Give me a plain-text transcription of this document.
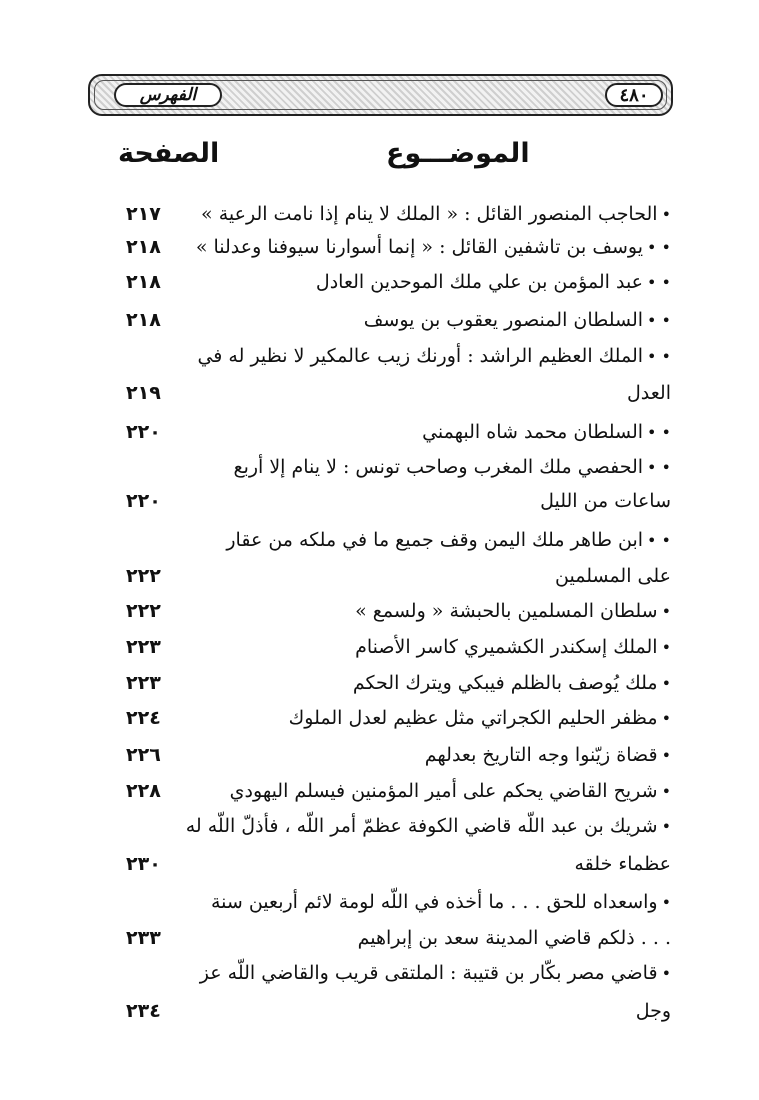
الفهرس	٤٨٠
الموضـــوع
الصفحة
•الحاجب المنصور القائل : « الملك لا ينام إذا نامت الرعية »
٢١٧
• •يوسف بن تاشفين القائل : « إنما أسوارنا سيوفنا وعدلنا »
٢١٨
• •عبد المؤمن بن علي ملك الموحدين العادل
٢١٨
• •السلطان المنصور يعقوب بن يوسف
٢١٨
• •الملك العظيم الراشد : أورنك زيب عالمكير لا نظير له في
العدل
٢١٩
• •السلطان محمد شاه البهمني
٢٢٠
• •الحفصي ملك المغرب وصاحب تونس : لا ينام إلا أربع
ساعات من الليل
٢٢٠
• •ابن طاهر ملك اليمن وقف جميع ما في ملكه من عقار
على المسلمين
٢٢٢
•سلطان المسلمين بالحبشة « ولسمع »
٢٢٢
•الملك إسكندر الكشميري كاسر الأصنام
٢٢٣
•ملك يُوصف بالظلم فيبكي ويترك الحكم
٢٢٣
•مظفر الحليم الكجراتي مثل عظيم لعدل الملوك
٢٢٤
•قضاة زيّنوا وجه التاريخ بعدلهم
٢٢٦
•شريح القاضي يحكم على أمير المؤمنين فيسلم اليهودي
٢٢٨
•شريك بن عبد اللّه قاضي الكوفة عظمّ أمر اللّه ، فأذلّ اللّه له
عظماء خلقه
٢٣٠
•واسعداه للحق . . . ما أخذه في اللّه لومة لائم أربعين سنة
. . . ذلكم قاضي المدينة سعد بن إبراهيم
٢٣٣
•قاضي مصر بكّار بن قتيبة : الملتقى قريب والقاضي اللّه عز
وجل
٢٣٤
